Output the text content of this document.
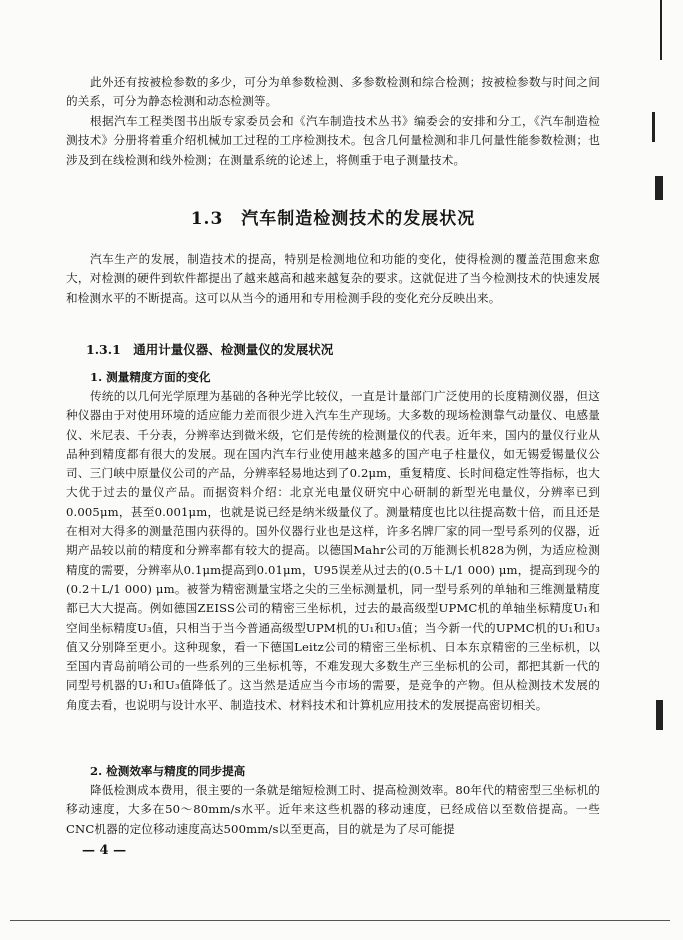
此外还有按被检参数的多少，可分为单参数检测、多参数检测和综合检测；按被检参数与时间之间的关系，可分为静态检测和动态检测等。

根据汽车工程类图书出版专家委员会和《汽车制造技术丛书》编委会的安排和分工，《汽车制造检测技术》分册将着重介绍机械加工过程的工序检测技术。包含几何量检测和非几何量性能参数检测；也涉及到在线检测和线外检测；在测量系统的论述上，将侧重于电子测量技术。

1.3　汽车制造检测技术的发展状况

汽车生产的发展，制造技术的提高，特别是检测地位和功能的变化，使得检测的覆盖范围愈来愈大，对检测的硬件到软件都提出了越来越高和越来越复杂的要求。这就促进了当今检测技术的快速发展和检测水平的不断提高。这可以从当今的通用和专用检测手段的变化充分反映出来。

1.3.1　通用计量仪器、检测量仪的发展状况
1. 测量精度方面的变化

传统的以几何光学原理为基础的各种光学比较仪，一直是计量部门广泛使用的长度精测仪器，但这种仪器由于对使用环境的适应能力差而很少进入汽车生产现场。大多数的现场检测靠气动量仪、电感量仪、米尼表、千分表，分辨率达到微米级，它们是传统的检测量仪的代表。近年来，国内的量仪行业从品种到精度都有很大的发展。现在国内汽车行业使用越来越多的国产电子柱量仪，如无锡爱锡量仪公司、三门峡中原量仪公司的产品，分辨率轻易地达到了0.2μm，重复精度、长时间稳定性等指标，也大大优于过去的量仪产品。而据资料介绍：北京光电量仪研究中心研制的新型光电量仪，分辨率已到0.005μm，甚至0.001μm，也就是说已经是纳米级量仪了。测量精度也比以往提高数十倍，而且还是在相对大得多的测量范围内获得的。国外仪器行业也是这样，许多名牌厂家的同一型号系列的仪器，近期产品较以前的精度和分辨率都有较大的提高。以德国Mahr公司的万能测长机828为例，为适应检测精度的需要，分辨率从0.1μm提高到0.01μm，U95误差从过去的(0.5＋L/1 000) μm，提高到现今的(0.2＋L/1 000) μm。被誉为精密测量宝塔之尖的三坐标测量机，同一型号系列的单轴和三维测量精度都已大大提高。例如德国ZEISS公司的精密三坐标机，过去的最高级型UPMC机的单轴坐标精度U₁和空间坐标精度U₃值，只相当于当今普通高级型UPM机的U₁和U₃值；当今新一代的UPMC机的U₁和U₃值又分别降至更小。这种现象，看一下德国Leitz公司的精密三坐标机、日本东京精密的三坐标机，以至国内青岛前哨公司的一些系列的三坐标机等，不难发现大多数生产三坐标机的公司，都把其新一代的同型号机器的U₁和U₃值降低了。这当然是适应当今市场的需要，是竞争的产物。但从检测技术发展的角度去看，也说明与设计水平、制造技术、材料技术和计算机应用技术的发展提高密切相关。

2. 检测效率与精度的同步提高

降低检测成本费用，很主要的一条就是缩短检测工时、提高检测效率。80年代的精密型三坐标机的移动速度，大多在50～80mm/s水平。近年来这些机器的移动速度，已经成倍以至数倍提高。一些CNC机器的定位移动速度高达500mm/s以至更高，目的就是为了尽可能提

— 4 —
